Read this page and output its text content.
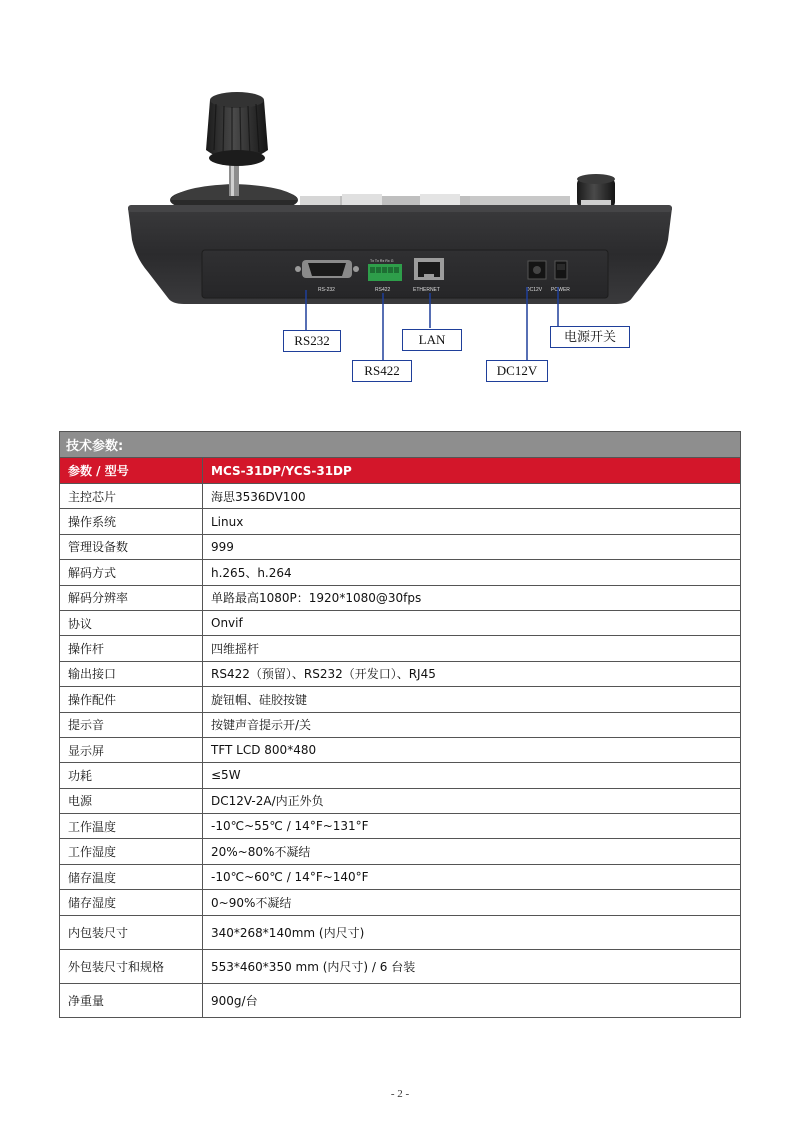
RS-232
Tx Tx Rx Rx G
RS422	ETHERNET	DC12V POWER
RS232
RS422
LAN
DC12V
电源开关
技术参数:	
参数 / 型号	MCS-31DP/YCS-31DP
主控芯片	海思3536DV100
操作系统	Linux
管理设备数	999
解码方式	h.265、h.264
解码分辨率	单路最高1080P：1920*1080@30fps
协议	Onvif
操作杆	四维摇杆
输出接口	RS422（预留）、RS232（开发口）、RJ45
操作配件	旋钮帽、硅胶按键
提示音	按键声音提示开/关
显示屏	TFT LCD 800*480
功耗	≤5W
电源	DC12V-2A/内正外负
工作温度	-10℃~55℃ / 14°F~131°F
工作湿度	20%~80%不凝结
储存温度	-10℃~60℃ / 14°F~140°F
储存湿度	0~90%不凝结
内包装尺寸	340*268*140mm (内尺寸)
外包装尺寸和规格	553*460*350 mm (内尺寸) / 6 台装
净重量	900g/台
- 2 -
